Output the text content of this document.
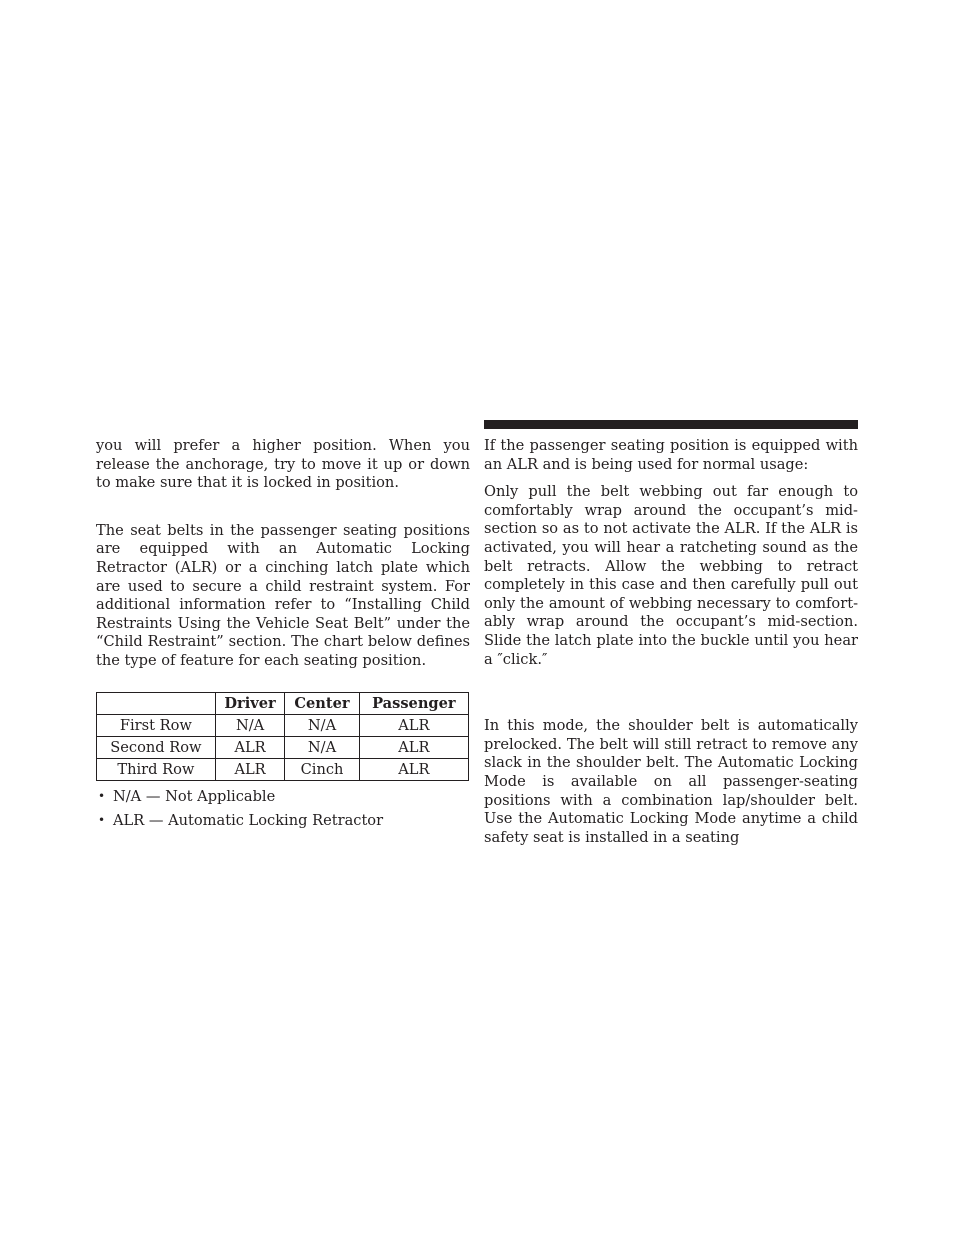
you will prefer a higher position. When you release the anchorage, try to move it up or down to make sure that it is locked in position.

The seat belts in the passenger seating positions are equipped with an Automatic Locking Retractor (ALR) or a cinching latch plate which are used to secure a child restraint system. For additional information refer to “Installing Child Restraints Using the Vehicle Seat Belt” under the “Child Restraint” section. The chart below defines the type of feature for each seating position.

	Driver	Center	Passenger
First Row	N/A	N/A	ALR
Second Row	ALR	N/A	ALR
Third Row	ALR	Cinch	ALR
• N/A — Not Applicable
• ALR — Automatic Locking Retractor

If the passenger seating position is equipped with an ALR and is being used for normal usage:

Only pull the belt webbing out far enough to comfortably wrap around the occupant’s mid-section so as to not activate the ALR. If the ALR is activated, you will hear a ratcheting sound as the belt retracts. Allow the webbing to retract completely in this case and then carefully pull out only the amount of webbing necessary to comfortably wrap around the occupant’s mid-section. Slide the latch plate into the buckle until you hear a ″click.″

In this mode, the shoulder belt is automatically prelocked. The belt will still retract to remove any slack in the shoulder belt. The Automatic Locking Mode is available on all passenger-seating positions with a combination lap/shoulder belt. Use the Automatic Locking Mode anytime a child safety seat is installed in a seating
